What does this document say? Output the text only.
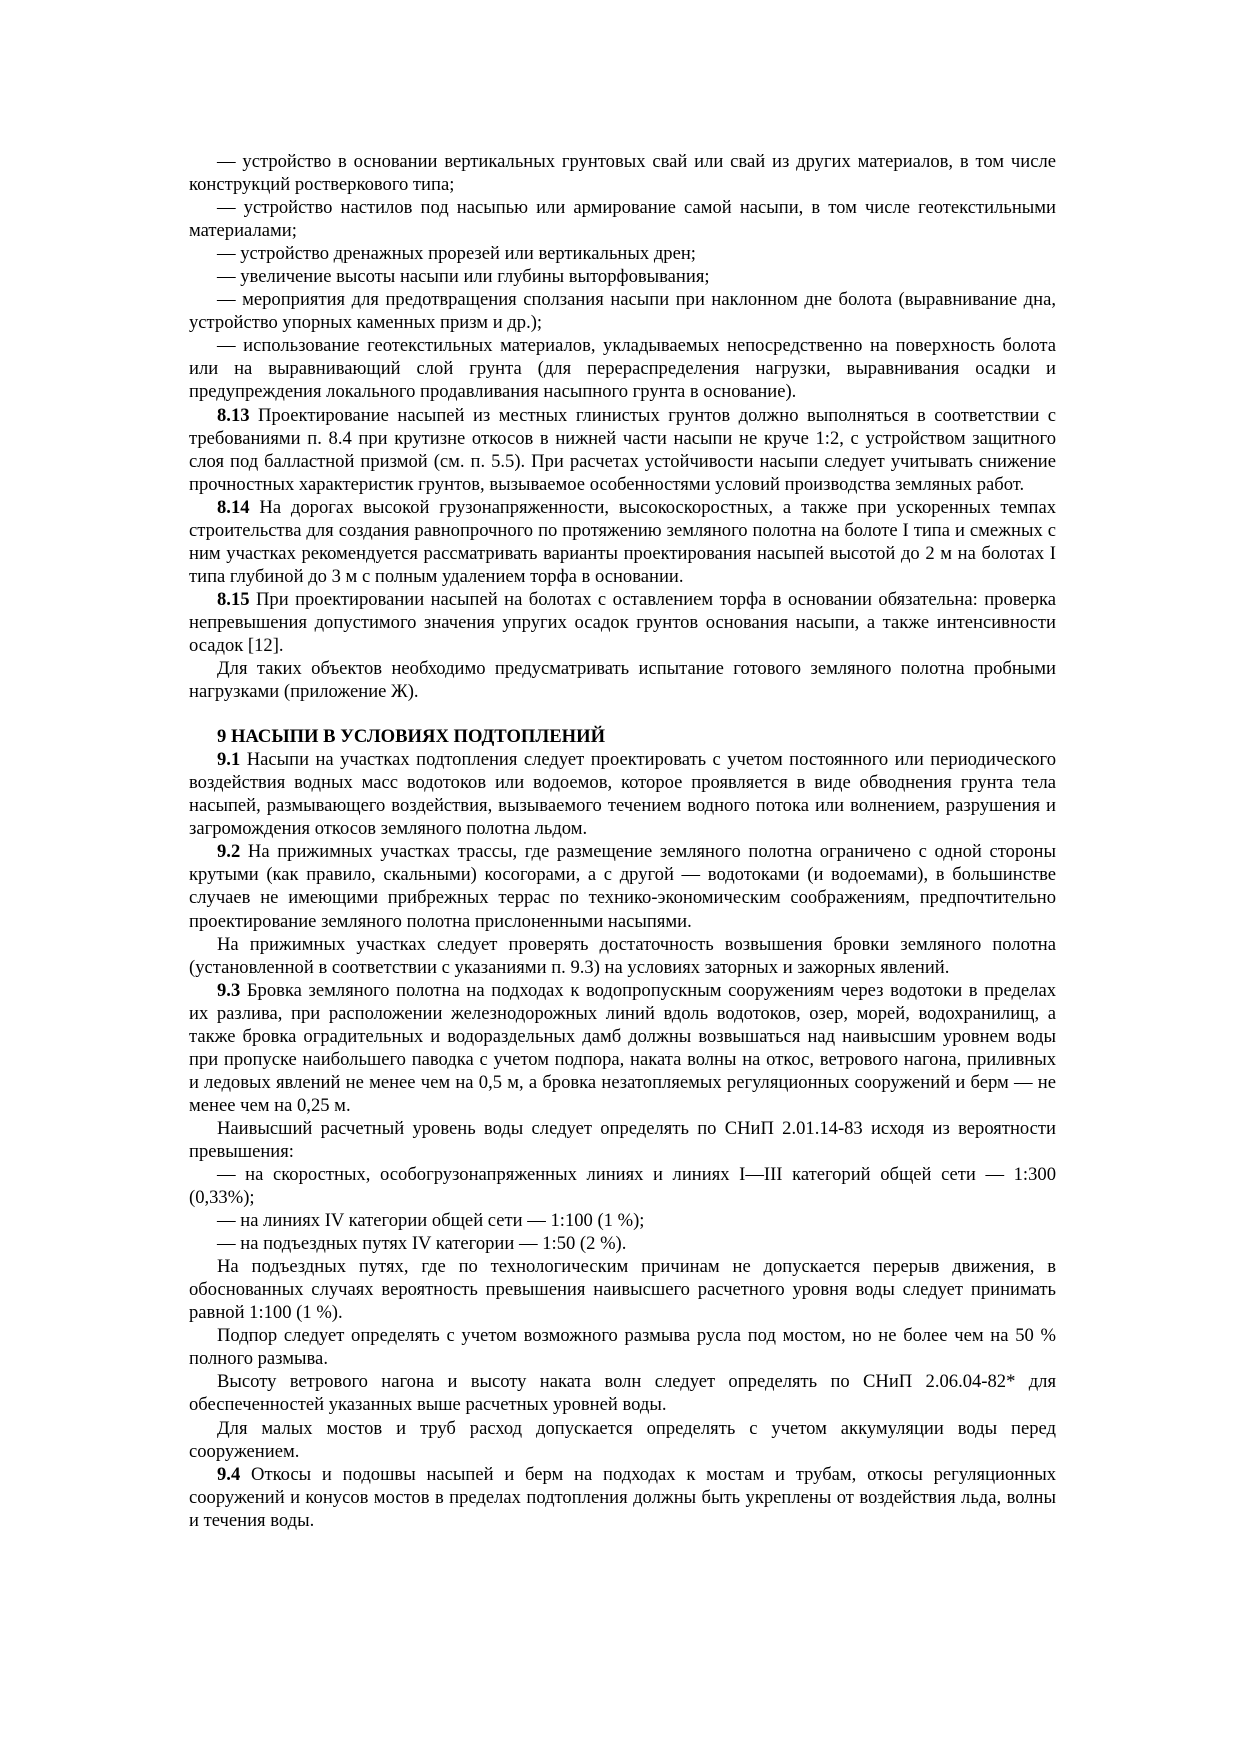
— устройство в основании вертикальных грунтовых свай или свай из других материалов, в том числе конструкций ростверкового типа;

— устройство настилов под насыпью или армирование самой насыпи, в том числе геотекстильными материалами;

— устройство дренажных прорезей или вертикальных дрен;

— увеличение высоты насыпи или глубины выторфовывания;

— мероприятия для предотвращения сползания насыпи при наклонном дне болота (выравнивание дна, устройство упорных каменных призм и др.);

— использование геотекстильных материалов, укладываемых непосредственно на поверхность болота или на выравнивающий слой грунта (для перераспределения нагрузки, выравнивания осадки и предупреждения локального продавливания насыпного грунта в основание).

8.13 Проектирование насыпей из местных глинистых грунтов должно выполняться в соответствии с требованиями п. 8.4 при крутизне откосов в нижней части насыпи не круче 1:2, с устройством защитного слоя под балластной призмой (см. п. 5.5). При расчетах устойчивости насыпи следует учитывать снижение прочностных характеристик грунтов, вызываемое особенностями условий производства земляных работ.

8.14 На дорогах высокой грузонапряженности, высокоскоростных, а также при ускоренных темпах строительства для создания равнопрочного по протяжению земляного полотна на болоте I типа и смежных с ним участках рекомендуется рассматривать варианты проектирования насыпей высотой до 2 м на болотах I типа глубиной до 3 м с полным удалением торфа в основании.

8.15 При проектировании насыпей на болотах с оставлением торфа в основании обязательна: проверка непревышения допустимого значения упругих осадок грунтов основания насыпи, а также интенсивности осадок [12].

Для таких объектов необходимо предусматривать испытание готового земляного полотна пробными нагрузками (приложение Ж).

9 НАСЫПИ В УСЛОВИЯХ ПОДТОПЛЕНИЙ

9.1 Насыпи на участках подтопления следует проектировать с учетом постоянного или периодического воздействия водных масс водотоков или водоемов, которое проявляется в виде обводнения грунта тела насыпей, размывающего воздействия, вызываемого течением водного потока или волнением, разрушения и загромождения откосов земляного полотна льдом.

9.2 На прижимных участках трассы, где размещение земляного полотна ограничено с одной стороны крутыми (как правило, скальными) косогорами, а с другой — водотоками (и водоемами), в большинстве случаев не имеющими прибрежных террас по технико-экономическим соображениям, предпочтительно проектирование земляного полотна прислоненными насыпями.

На прижимных участках следует проверять достаточность возвышения бровки земляного полотна (установленной в соответствии с указаниями п. 9.3) на условиях заторных и зажорных явлений.

9.3 Бровка земляного полотна на подходах к водопропускным сооружениям через водотоки в пределах их разлива, при расположении железнодорожных линий вдоль водотоков, озер, морей, водохранилищ, а также бровка оградительных и водораздельных дамб должны возвышаться над наивысшим уровнем воды при пропуске наибольшего паводка с учетом подпора, наката волны на откос, ветрового нагона, приливных и ледовых явлений не менее чем на 0,5 м, а бровка незатопляемых регуляционных сооружений и берм — не менее чем на 0,25 м.

Наивысший расчетный уровень воды следует определять по СНиП 2.01.14-83 исходя из вероятности превышения:

— на скоростных, особогрузонапряженных линиях и линиях I—III категорий общей сети — 1:300 (0,33%);

— на линиях IV категории общей сети — 1:100 (1 %);

— на подъездных путях IV категории — 1:50 (2 %).

На подъездных путях, где по технологическим причинам не допускается перерыв движения, в обоснованных случаях вероятность превышения наивысшего расчетного уровня воды следует принимать равной 1:100 (1 %).

Подпор следует определять с учетом возможного размыва русла под мостом, но не более чем на 50 % полного размыва.

Высоту ветрового нагона и высоту наката волн следует определять по СНиП 2.06.04-82* для обеспеченностей указанных выше расчетных уровней воды.

Для малых мостов и труб расход допускается определять с учетом аккумуляции воды перед сооружением.

9.4 Откосы и подошвы насыпей и берм на подходах к мостам и трубам, откосы регуляционных сооружений и конусов мостов в пределах подтопления должны быть укреплены от воздействия льда, волны и течения воды.
